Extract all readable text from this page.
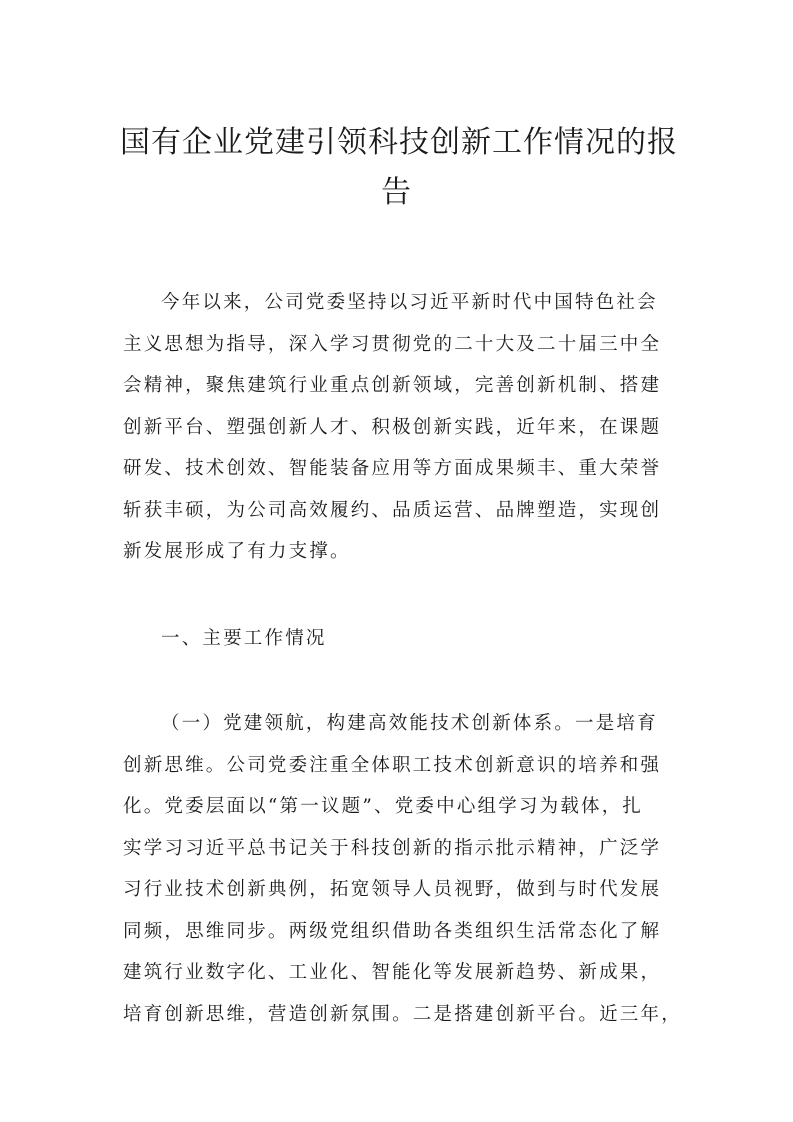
国有企业党建引领科技创新工作情况的报
告

今年以来，公司党委坚持以习近平新时代中国特色社会
主义思想为指导，深入学习贯彻党的二十大及二十届三中全
会精神，聚焦建筑行业重点创新领域，完善创新机制、搭建
创新平台、塑强创新人才、积极创新实践，近年来，在课题
研发、技术创效、智能装备应用等方面成果频丰、重大荣誉
斩获丰硕，为公司高效履约、品质运营、品牌塑造，实现创
新发展形成了有力支撑。

一、主要工作情况

（一）党建领航，构建高效能技术创新体系。一是培育
创新思维。公司党委注重全体职工技术创新意识的培养和强
化。党委层面以“第一议题”、党委中心组学习为载体，扎
实学习习近平总书记关于科技创新的指示批示精神，广泛学
习行业技术创新典例，拓宽领导人员视野，做到与时代发展
同频，思维同步。两级党组织借助各类组织生活常态化了解
建筑行业数字化、工业化、智能化等发展新趋势、新成果，
培育创新思维，营造创新氛围。二是搭建创新平台。近三年，
